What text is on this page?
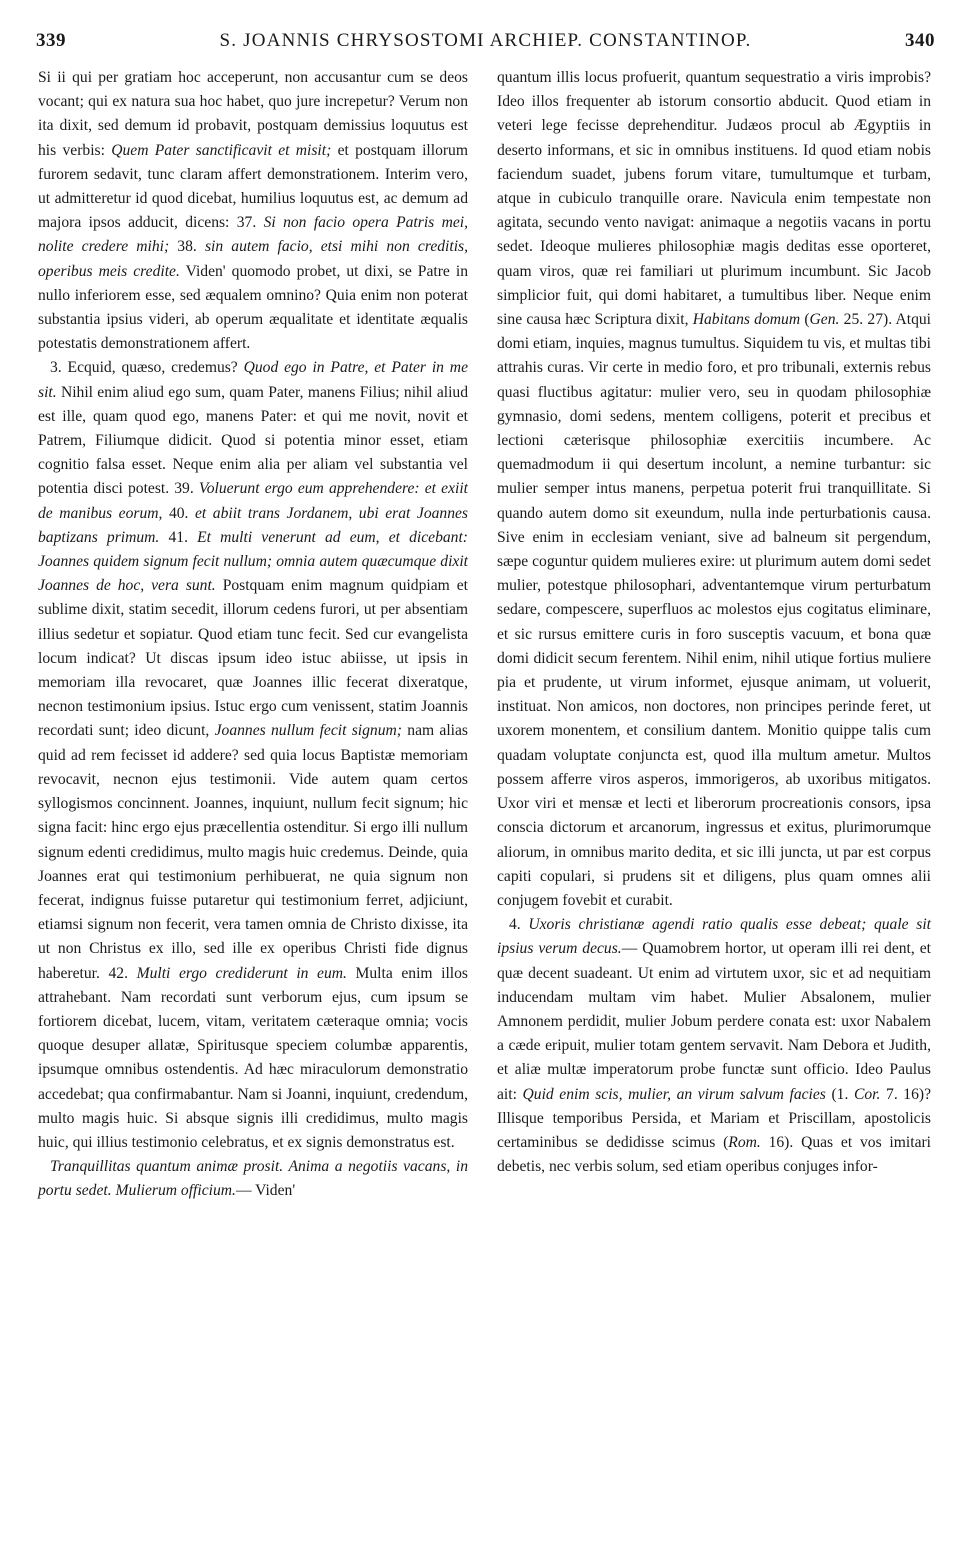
339	S. JOANNIS CHRYSOSTOMI ARCHIEP. CONSTANTINOP.	340

Si ii qui per gratiam hoc acceperunt, non accusantur cum se deos vocant; qui ex natura sua hoc habet, quo jure increpetur? Verum non ita dixit, sed demum id probavit, postquam demissius loquutus est his verbis: Quem Pater sanctificavit et misit; et postquam illorum furorem sedavit, tunc claram affert demonstrationem. Interim vero, ut admitteretur id quod dicebat, humilius loquutus est, ac demum ad majora ipsos adducit, dicens: 37. Si non facio opera Patris mei, nolite credere mihi; 38. sin autem facio, etsi mihi non creditis, operibus meis credite. Viden' quomodo probet, ut dixi, se Patre in nullo inferiorem esse, sed æqualem omnino? Quia enim non poterat substantia ipsius videri, ab operum æqualitate et identitate æqualis potestatis demonstrationem affert.

3. Ecquid, quæso, credemus? Quod ego in Patre, et Pater in me sit. Nihil enim aliud ego sum, quam Pater, manens Filius; nihil aliud est ille, quam quod ego, manens Pater: et qui me novit, novit et Patrem, Filiumque didicit. Quod si potentia minor esset, etiam cognitio falsa esset. Neque enim alia per aliam vel substantia vel potentia disci potest. 39. Voluerunt ergo eum apprehendere: et exiit de manibus eorum, 40. et abiit trans Jordanem, ubi erat Joannes baptizans primum. 41. Et multi venerunt ad eum, et dicebant: Joannes quidem signum fecit nullum; omnia autem quæcumque dixit Joannes de hoc, vera sunt. Postquam enim magnum quidpiam et sublime dixit, statim secedit, illorum cedens furori, ut per absentiam illius sedetur et sopiatur. Quod etiam tunc fecit. Sed cur evangelista locum indicat? Ut discas ipsum ideo istuc abiisse, ut ipsis in memoriam illa revocaret, quæ Joannes illic fecerat dixeratque, necnon testimonium ipsius. Istuc ergo cum venissent, statim Joannis recordati sunt; ideo dicunt, Joannes nullum fecit signum; nam alias quid ad rem fecisset id addere? sed quia locus Baptistæ memoriam revocavit, necnon ejus testimonii. Vide autem quam certos syllogismos concinnent. Joannes, inquiunt, nullum fecit signum; hic signa facit: hinc ergo ejus præcellentia ostenditur. Si ergo illi nullum signum edenti credidimus, multo magis huic credemus. Deinde, quia Joannes erat qui testimonium perhibuerat, ne quia signum non fecerat, indignus fuisse putaretur qui testimonium ferret, adjiciunt, etiamsi signum non fecerit, vera tamen omnia de Christo dixisse, ita ut non Christus ex illo, sed ille ex operibus Christi fide dignus haberetur. 42. Multi ergo crediderunt in eum. Multa enim illos attrahebant. Nam recordati sunt verborum ejus, cum ipsum se fortiorem dicebat, lucem, vitam, veritatem cæteraque omnia; vocis quoque desuper allatæ, Spiritusque speciem columbæ apparentis, ipsumque omnibus ostendentis. Ad hæc miraculorum demonstratio accedebat; qua confirmabantur. Nam si Joanni, inquiunt, credendum, multo magis huic. Si absque signis illi credidimus, multo magis huic, qui illius testimonio celebratus, et ex signis demonstratus est.

Tranquillitas quantum animæ prosit. Anima a negotiis vacans, in portu sedet. Mulierum officium.— Viden'

quantum illis locus profuerit, quantum sequestratio a viris improbis? Ideo illos frequenter ab istorum consortio abducit. Quod etiam in veteri lege fecisse deprehenditur. Judæos procul ab Ægyptiis in deserto informans, et sic in omnibus instituens. Id quod etiam nobis faciendum suadet, jubens forum vitare, tumultumque et turbam, atque in cubiculo tranquille orare. Navicula enim tempestate non agitata, secundo vento navigat: animaque a negotiis vacans in portu sedet. Ideoque mulieres philosophiæ magis deditas esse oporteret, quam viros, quæ rei familiari ut plurimum incumbunt. Sic Jacob simplicior fuit, qui domi habitaret, a tumultibus liber. Neque enim sine causa hæc Scriptura dixit, Habitans domum (Gen. 25. 27). Atqui domi etiam, inquies, magnus tumultus. Siquidem tu vis, et multas tibi attrahis curas. Vir certe in medio foro, et pro tribunali, externis rebus quasi fluctibus agitatur: mulier vero, seu in quodam philosophiæ gymnasio, domi sedens, mentem colligens, poterit et precibus et lectioni cæterisque philosophiæ exercitiis incumbere. Ac quemadmodum ii qui desertum incolunt, a nemine turbantur: sic mulier semper intus manens, perpetua poterit frui tranquillitate. Si quando autem domo sit exeundum, nulla inde perturbationis causa. Sive enim in ecclesiam veniant, sive ad balneum sit pergendum, sæpe coguntur quidem mulieres exire: ut plurimum autem domi sedet mulier, potestque philosophari, adventantemque virum perturbatum sedare, compescere, superfluos ac molestos ejus cogitatus eliminare, et sic rursus emittere curis in foro susceptis vacuum, et bona quæ domi didicit secum ferentem. Nihil enim, nihil utique fortius muliere pia et prudente, ut virum informet, ejusque animam, ut voluerit, instituat. Non amicos, non doctores, non principes perinde feret, ut uxorem monentem, et consilium dantem. Monitio quippe talis cum quadam voluptate conjuncta est, quod illa multum ametur. Multos possem afferre viros asperos, immorigeros, ab uxoribus mitigatos. Uxor viri et mensæ et lecti et liberorum procreationis consors, ipsa conscia dictorum et arcanorum, ingressus et exitus, plurimorumque aliorum, in omnibus marito dedita, et sic illi juncta, ut par est corpus capiti copulari, si prudens sit et diligens, plus quam omnes alii conjugem fovebit et curabit.

4. Uxoris christianæ agendi ratio qualis esse debeat; quale sit ipsius verum decus.— Quamobrem hortor, ut operam illi rei dent, et quæ decent suadeant. Ut enim ad virtutem uxor, sic et ad nequitiam inducendam multam vim habet. Mulier Absalonem, mulier Amnonem perdidit, mulier Jobum perdere conata est: uxor Nabalem a cæde eripuit, mulier totam gentem servavit. Nam Debora et Judith, et aliæ multæ imperatorum probe functæ sunt officio. Ideo Paulus ait: Quid enim scis, mulier, an virum salvum facies (1. Cor. 7. 16)? Illisque temporibus Persida, et Mariam et Priscillam, apostolicis certaminibus se dedidisse scimus (Rom. 16). Quas et vos imitari debetis, nec verbis solum, sed etiam operibus conjuges infor-
